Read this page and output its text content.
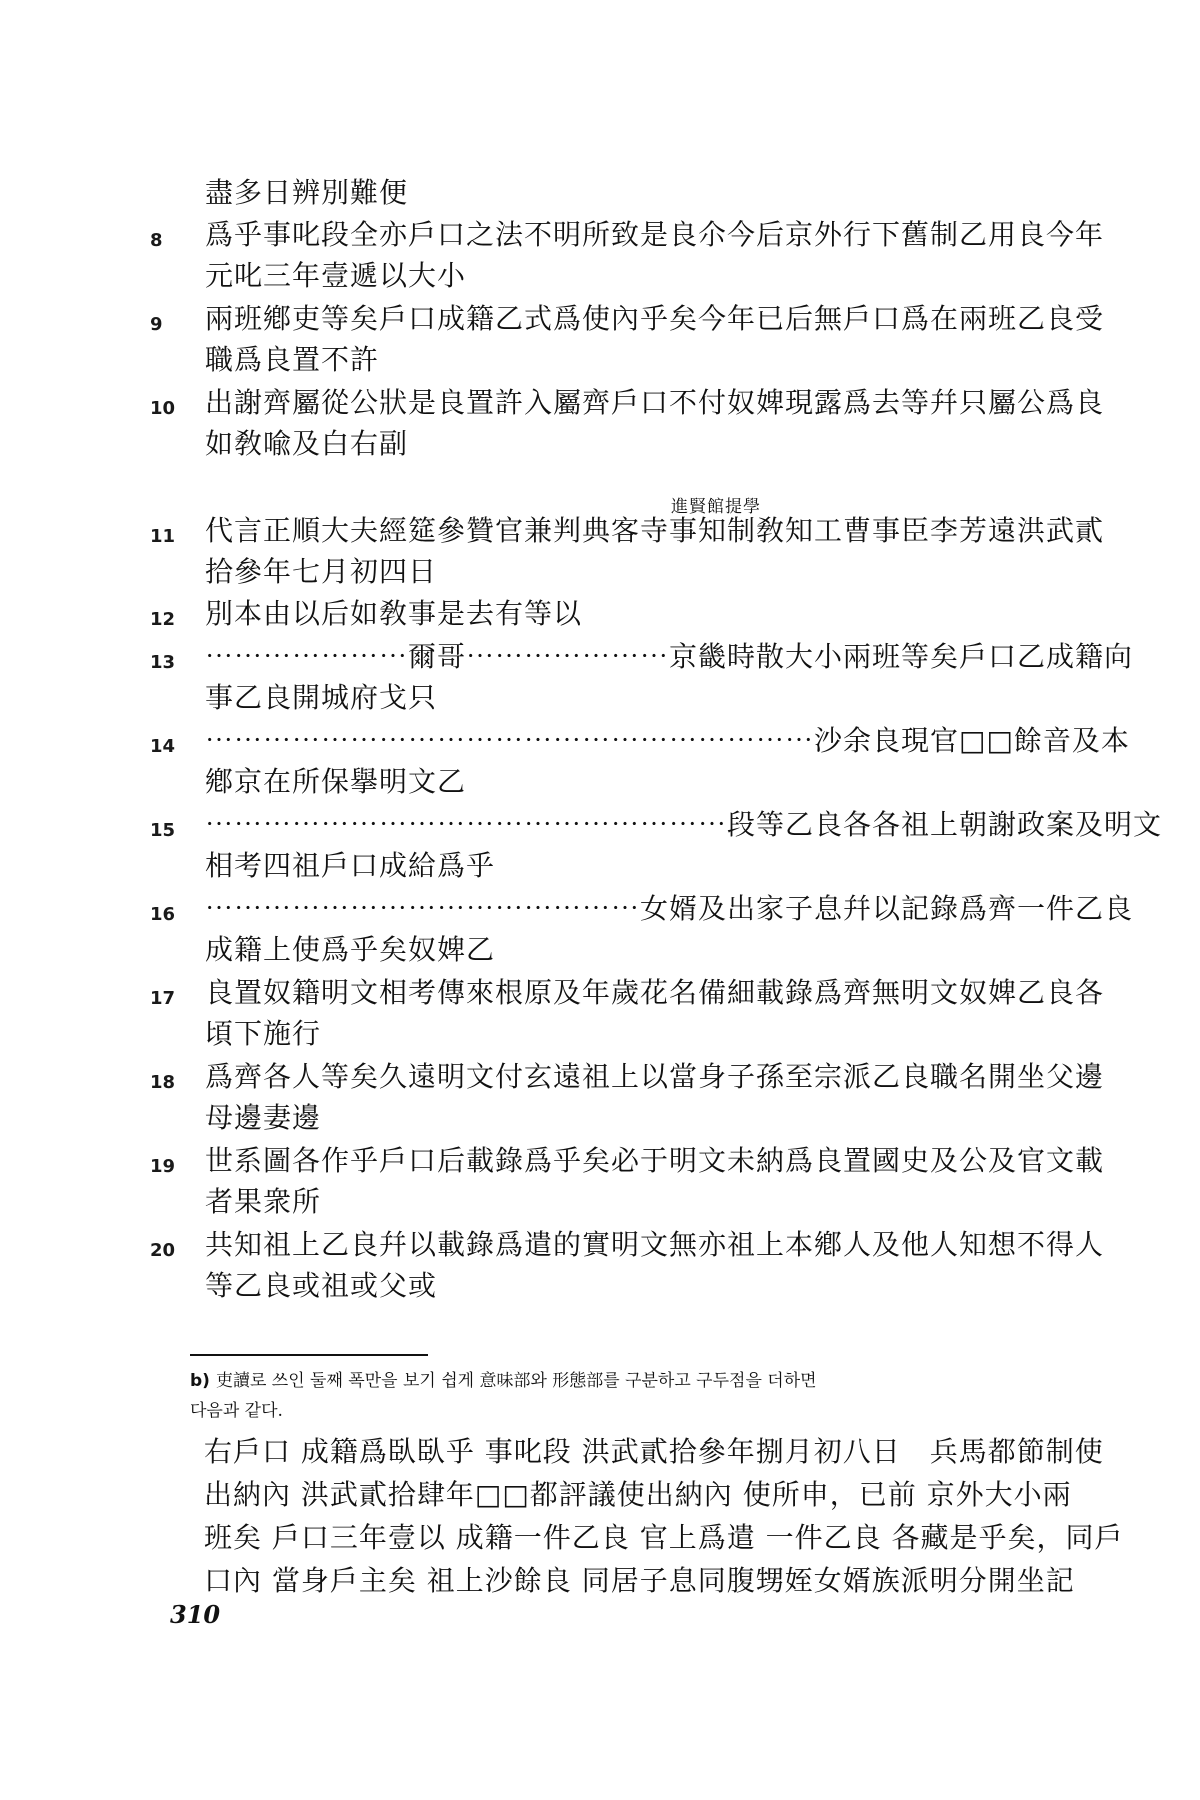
盡多日辨別難便
8	爲乎事叱段全亦戶口之法不明所致是良尒今后京外行下舊制乙用良今年
元叱三年壹遞以大小
9	兩班鄕吏等矣戶口成籍乙式爲使內乎矣今年已后無戶口爲在兩班乙良受
職爲良置不許
10	出謝齊屬從公狀是良置許入屬齊戶口不付奴婢現露爲去等幷只屬公爲良
如敎喩及白右副
進賢館提學
11	代言正順大夫經筵參贊官兼判典客寺事知制敎知工曹事臣李芳遠洪武貳
拾參年七月初四日
12	別本由以后如敎事是去有等以
13	⋯⋯⋯⋯⋯⋯⋯爾哥⋯⋯⋯⋯⋯⋯⋯京畿時散大小兩班等矣戶口乙成籍向
事乙良開城府戈只
14	⋯⋯⋯⋯⋯⋯⋯⋯⋯⋯⋯⋯⋯⋯⋯⋯⋯⋯⋯⋯⋯沙余良現官□□餘音及本
鄕京在所保擧明文乙
15	⋯⋯⋯⋯⋯⋯⋯⋯⋯⋯⋯⋯⋯⋯⋯⋯⋯⋯段等乙良各各祖上朝謝政案及明文
相考四祖戶口成給爲乎
16	⋯⋯⋯⋯⋯⋯⋯⋯⋯⋯⋯⋯⋯⋯⋯女婿及出家子息幷以記錄爲齊一件乙良
成籍上使爲乎矣奴婢乙
17	良置奴籍明文相考傳來根原及年歲花名備細載錄爲齊無明文奴婢乙良各
頃下施行
18	爲齊各人等矣久遠明文付玄遠祖上以當身子孫至宗派乙良職名開坐父邊
母邊妻邊
19	世系圖各作乎戶口后載錄爲乎矣必于明文未納爲良置國史及公及官文載
者果衆所
20	共知祖上乙良幷以載錄爲遣的實明文無亦祖上本鄕人及他人知想不得人
等乙良或祖或父或
b) 吏讀로 쓰인 둘째 폭만을 보기 쉽게 意味部와 形態部를 구분하고 구두점을 더하면
다음과 같다.
右戶口 成籍爲臥臥乎 事叱段 洪武貳拾參年捌月初八日　兵馬都節制使
出納內 洪武貳拾肆年□□都評議使出納內 使所申，已前 京外大小兩
班矣 戶口三年壹以 成籍一件乙良 官上爲遣 一件乙良 各藏是乎矣，同戶
口內 當身戶主矣 祖上沙餘良 同居子息同腹甥姪女婿族派明分開坐記
310
